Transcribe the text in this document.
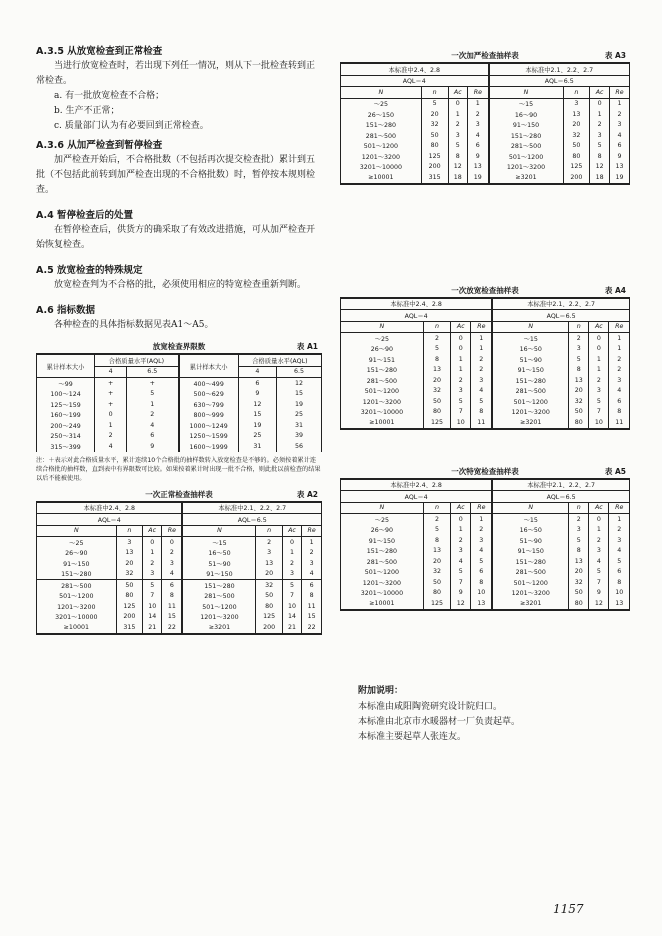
A.3.5 从放宽检查到正常检查

当进行放宽检查时，若出现下列任一情况，则从下一批检查转到正常检查。

a. 有一批放宽检查不合格；

b. 生产不正常；

c. 质量部门认为有必要回到正常检查。

A.3.6 从加严检查到暂停检查

加严检查开始后，不合格批数（不包括再次提交检查批）累计到五批（不包括此前转到加严检查出现的不合格批数）时，暂停按本规则检查。

A.4 暂停检查后的处置

在暂停检查后，供货方的确采取了有效改进措施，可从加严检查开始恢复检查。

A.5 放宽检查的特殊规定

放宽检查判为不合格的批，必须使用相应的特宽检查重新判断。

A.6 指标数据

各种检查的具体指标数据见表A1～A5。

放宽检查界限数	表 A1
累计样本大小	合格质量水平(AQL)		累计样本大小	合格质量水平(AQL)	
	4	6.5		4	6.5
～99	+	+	400～499	6	12
100～124	+	5	500～629	9	15
125～159	+	1	630～799	12	19
160～199	0	2	800～999	15	25
200～249	1	4	1000～1249	19	31
250～314	2	6	1250～1599	25	39
315～399	4	9	1600～1999	31	56

注：＋表示对此合格质量水平，累计连续10个合格批的抽样数转入放宽检查是不够的。必须按着累计连续合格批的抽样数，直到表中有界限数可比较。如果按着累计时出现一批不合格，则此批以前检查的结果以后不能被使用。

一次正常检查抽样表	表 A2
本标准中2.4、2.8				本标准中2.1、2.2、2.7			
AQL＝4				AQL＝6.5			
N	n	Ac	Re	N	n	Ac	Re
～25	3	0	0	～15	2	0	1
26～90	13	1	2	16～50	3	1	2
91～150	20	2	3	51～90	13	2	3
151～280	32	3	4	91～150	20	3	4
281～500	50	5	6	151～280	32	5	6
501～1200	80	7	8	281～500	50	7	8
1201～3200	125	10	11	501～1200	80	10	11
3201～10000	200	14	15	1201～3200	125	14	15
≥10001	315	21	22	≥3201	200	21	22
一次加严检查抽样表	表 A3
本标准中2.4、2.8				本标准中2.1、2.2、2.7			
AQL＝4				AQL＝6.5			
N	n	Ac	Re	N	n	Ac	Re
～25	5	0	1	～15	3	0	1
26～150	20	1	2	16～90	13	1	2
151～280	32	2	3	91～150	20	2	3
281～500	50	3	4	151～280	32	3	4
501～1200	80	5	6	281～500	50	5	6
1201～3200	125	8	9	501～1200	80	8	9
3201～10000	200	12	13	1201～3200	125	12	13
≥10001	315	18	19	≥3201	200	18	19
一次放宽检查抽样表	表 A4
本标准中2.4、2.8				本标准中2.1、2.2、2.7			
AQL＝4				AQL＝6.5			
N	n	Ac	Re	N	n	Ac	Re
～25	2	0	1	～15	2	0	1
26～90	5	0	1	16～50	3	0	1
91～151	8	1	2	51～90	5	1	2
151～280	13	1	2	91～150	8	1	2
281～500	20	2	3	151～280	13	2	3
501～1200	32	3	4	281～500	20	3	4
1201～3200	50	5	5	501～1200	32	5	6
3201～10000	80	7	8	1201～3200	50	7	8
≥10001	125	10	11	≥3201	80	10	11
一次特宽检查抽样表	表 A5
本标准中2.4、2.8				本标准中2.1、2.2、2.7			
AQL＝4				AQL＝6.5			
N	n	Ac	Re	N	n	Ac	Re
～25	2	0	1	～15	2	0	1
26～90	5	1	2	16～50	3	1	2
91～150	8	2	3	51～90	5	2	3
151～280	13	3	4	91～150	8	3	4
281～500	20	4	5	151～280	13	4	5
501～1200	32	5	6	281～500	20	5	6
1201～3200	50	7	8	501～1200	32	7	8
3201～10000	80	9	10	1201～3200	50	9	10
≥10001	125	12	13	≥3201	80	12	13

附加说明：

本标准由咸阳陶瓷研究设计院归口。

本标准由北京市水暖器材一厂负责起草。

本标准主要起草人张连友。

1157
